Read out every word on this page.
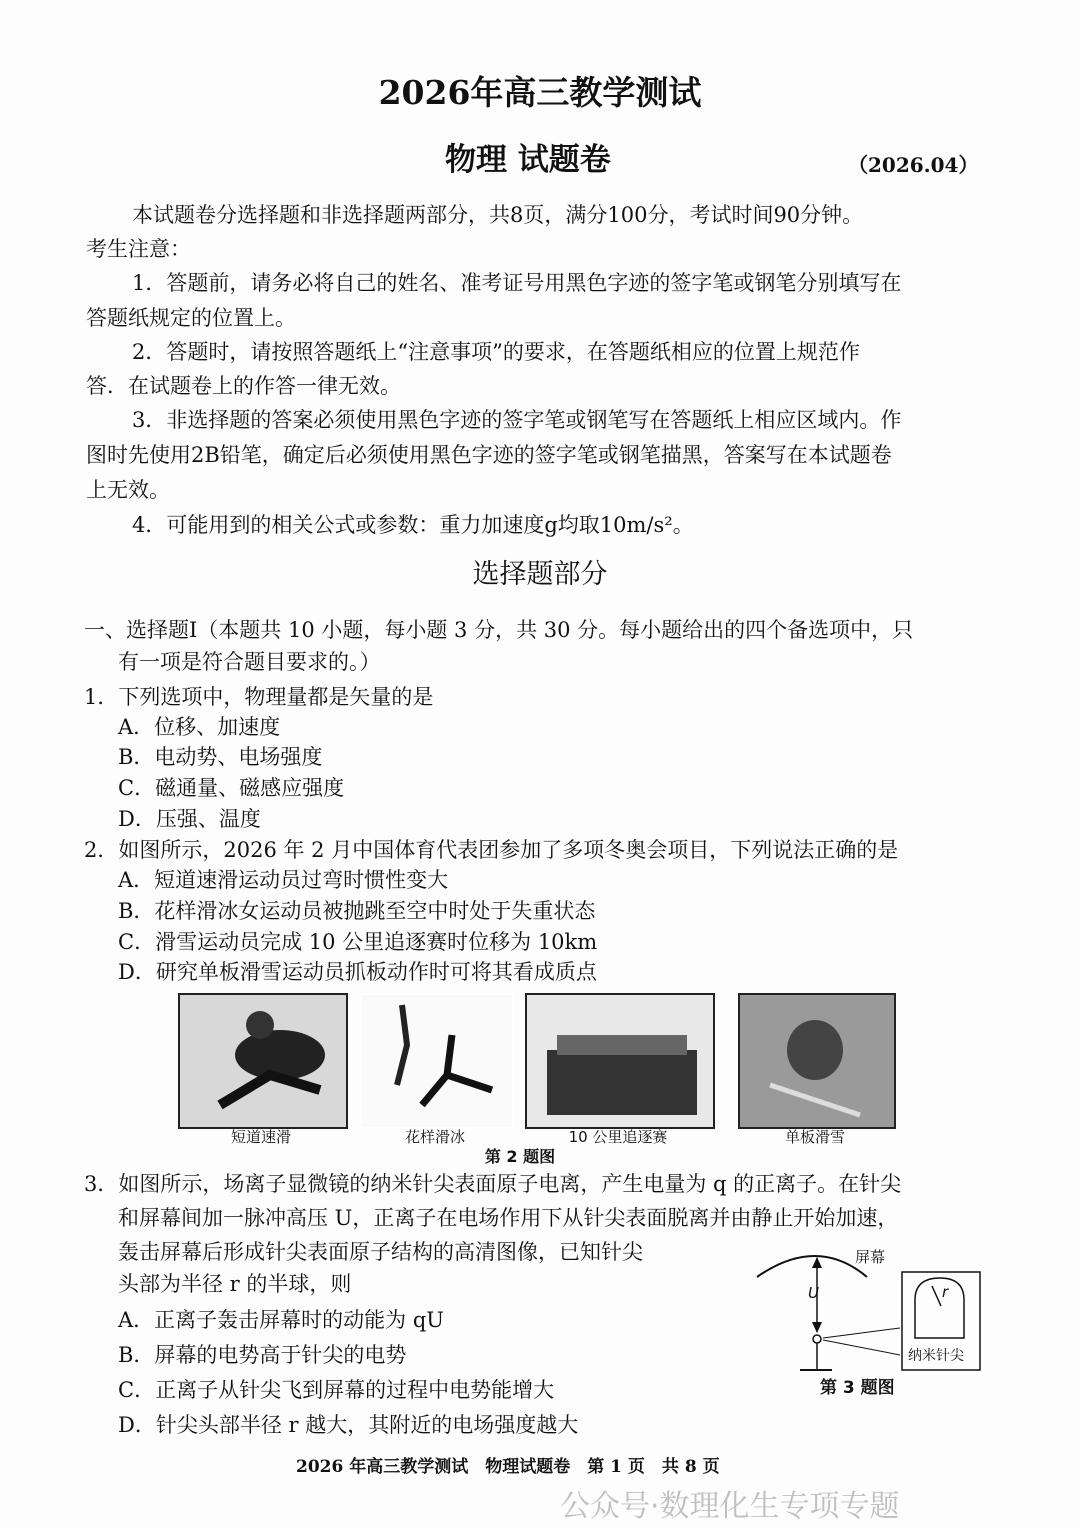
2026年高三教学测试
物理 试题卷	（2026.04）
本试题卷分选择题和非选择题两部分，共8页，满分100分，考试时间90分钟。
考生注意：
1．答题前，请务必将自己的姓名、准考证号用黑色字迹的签字笔或钢笔分别填写在
答题纸规定的位置上。
2．答题时，请按照答题纸上“注意事项”的要求，在答题纸相应的位置上规范作
答．在试题卷上的作答一律无效。
3．非选择题的答案必须使用黑色字迹的签字笔或钢笔写在答题纸上相应区域内。作
图时先使用2B铅笔，确定后必须使用黑色字迹的签字笔或钢笔描黑，答案写在本试题卷
上无效。
4．可能用到的相关公式或参数：重力加速度g均取10m/s²。
选择题部分
一、选择题Ⅰ（本题共 10 小题，每小题 3 分，共 30 分。每小题给出的四个备选项中，只
有一项是符合题目要求的。）
1．下列选项中，物理量都是矢量的是
A．位移、加速度
B．电动势、电场强度
C．磁通量、磁感应强度
D．压强、温度
2．如图所示，2026 年 2 月中国体育代表团参加了多项冬奥会项目，下列说法正确的是
A．短道速滑运动员过弯时惯性变大
B．花样滑冰女运动员被抛跳至空中时处于失重状态
C．滑雪运动员完成 10 公里追逐赛时位移为 10km
D．研究单板滑雪运动员抓板动作时可将其看成质点
短道速滑	花样滑冰	10 公里追逐赛	单板滑雪
第 2 题图
3．如图所示，场离子显微镜的纳米针尖表面原子电离，产生电量为 q 的正离子。在针尖
和屏幕间加一脉冲高压 U，正离子在电场作用下从针尖表面脱离并由静止开始加速，
轰击屏幕后形成针尖表面原子结构的高清图像，已知针尖
头部为半径 r 的半球，则
A．正离子轰击屏幕时的动能为 qU
B．屏幕的电势高于针尖的电势
C．正离子从针尖飞到屏幕的过程中电势能增大
D．针尖头部半径 r 越大，其附近的电场强度越大
屏幕
U	r
纳米针尖
第 3 题图
2026 年高三教学测试　物理试题卷　第 1 页　共 8 页
公众号·数理化生专项专题
